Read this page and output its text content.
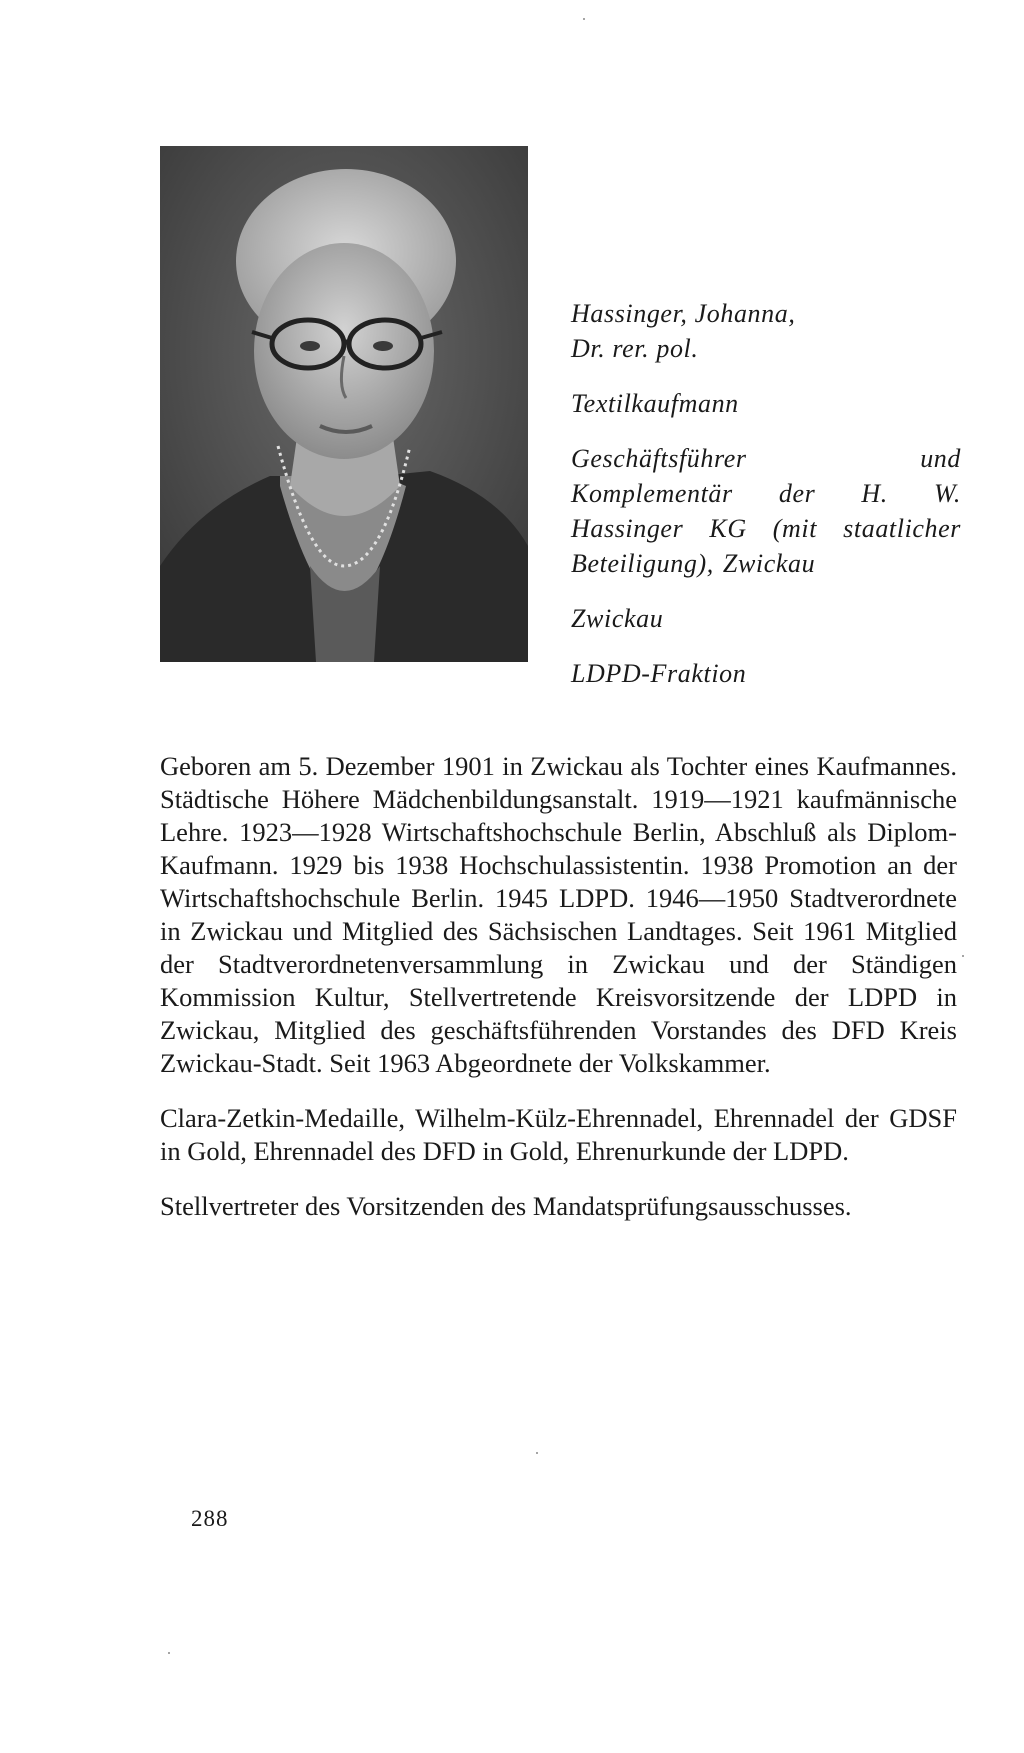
Hassinger, Johanna,

Dr. rer. pol.

Textilkaufmann

Geschäftsführer und Komplementär der H. W. Hassinger KG (mit staatlicher Beteiligung), Zwickau

Zwickau

LDPD-Fraktion

Geboren am 5. Dezember 1901 in Zwickau als Tochter eines Kaufmannes. Städtische Höhere Mädchenbildungsanstalt. 1919—1921 kaufmännische Lehre. 1923—1928 Wirtschaftshochschule Berlin, Abschluß als Diplom-Kaufmann. 1929 bis 1938 Hochschulassistentin. 1938 Promotion an der Wirtschaftshochschule Berlin. 1945 LDPD. 1946—1950 Stadtverordnete in Zwickau und Mitglied des Sächsischen Landtages. Seit 1961 Mitglied der Stadtverordnetenversammlung in Zwickau und der Ständigen Kommission Kultur, Stellvertretende Kreisvorsitzende der LDPD in Zwickau, Mitglied des geschäftsführenden Vorstandes des DFD Kreis Zwickau-Stadt. Seit 1963 Abgeordnete der Volkskammer.

Clara-Zetkin-Medaille, Wilhelm-Külz-Ehrennadel, Ehrennadel der GDSF in Gold, Ehrennadel des DFD in Gold, Ehrenurkunde der LDPD.

Stellvertreter des Vorsitzenden des Mandatsprüfungsausschusses.

288
